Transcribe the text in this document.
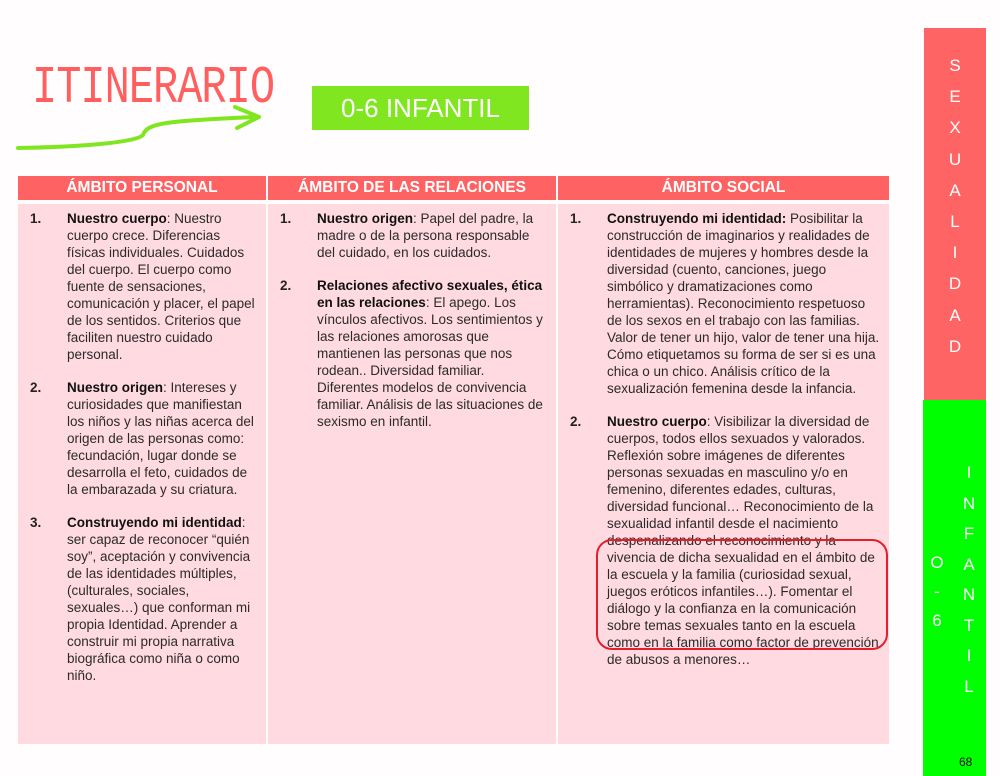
ITINERARIO	0-6 INFANTIL
ÁMBITO PERSONAL
1.	Nuestro cuerpo: Nuestro cuerpo crece. Diferencias físicas individuales. Cuidados del cuerpo. El cuerpo como fuente de sensaciones, comunicación y placer, el papel de los sentidos. Criterios que faciliten nuestro cuidado personal.
2.	Nuestro origen: Intereses y curiosidades que manifiestan los niños y las niñas acerca del origen de las personas como: fecundación, lugar donde se desarrolla el feto, cuidados de la embarazada y su criatura.
3.	Construyendo mi identidad: ser capaz de reconocer “quién soy”, aceptación y convivencia de las identidades múltiples, (culturales, sociales, sexuales…) que conforman mi propia Identidad. Aprender a construir mi propia narrativa biográfica como niña o como niño.
ÁMBITO DE LAS RELACIONES
1.	Nuestro origen: Papel del padre, la madre o de la persona responsable del cuidado, en los cuidados.
2.	Relaciones afectivo sexuales, ética en las relaciones: El apego. Los vínculos afectivos. Los sentimientos y las relaciones amorosas que mantienen las personas que nos rodean.. Diversidad familiar. Diferentes modelos de convivencia familiar. Análisis de las situaciones de sexismo en infantil.
ÁMBITO SOCIAL
1.	Construyendo mi identidad: Posibilitar la construcción de imaginarios y realidades de identidades de mujeres y hombres desde la diversidad (cuento, canciones, juego simbólico y dramatizaciones como herramientas). Reconocimiento respetuoso de los sexos en el trabajo con las familias. Valor de tener un hijo, valor de tener una hija. Cómo etiquetamos su forma de ser si es una chica o un chico. Análisis crítico de la sexualización femenina desde la infancia.
2.	Nuestro cuerpo: Visibilizar la diversidad de cuerpos, todos ellos sexuados y valorados. Reflexión sobre imágenes de diferentes personas sexuadas en masculino y/o en femenino, diferentes edades, culturas, diversidad funcional… Reconocimiento de la sexualidad infantil desde el nacimiento despenalizando el reconocimiento y la vivencia de dicha sexualidad en el ámbito de la escuela y la familia (curiosidad sexual, juegos eróticos infantiles…). Fomentar el diálogo y la confianza en la comunicación sobre temas sexuales tanto en la escuela como en la familia como factor de prevención de abusos a menores…
S
E
X
U
A
L
I
D
A
D
O
-
6
I
N
F
A
N
T
I
L
68
